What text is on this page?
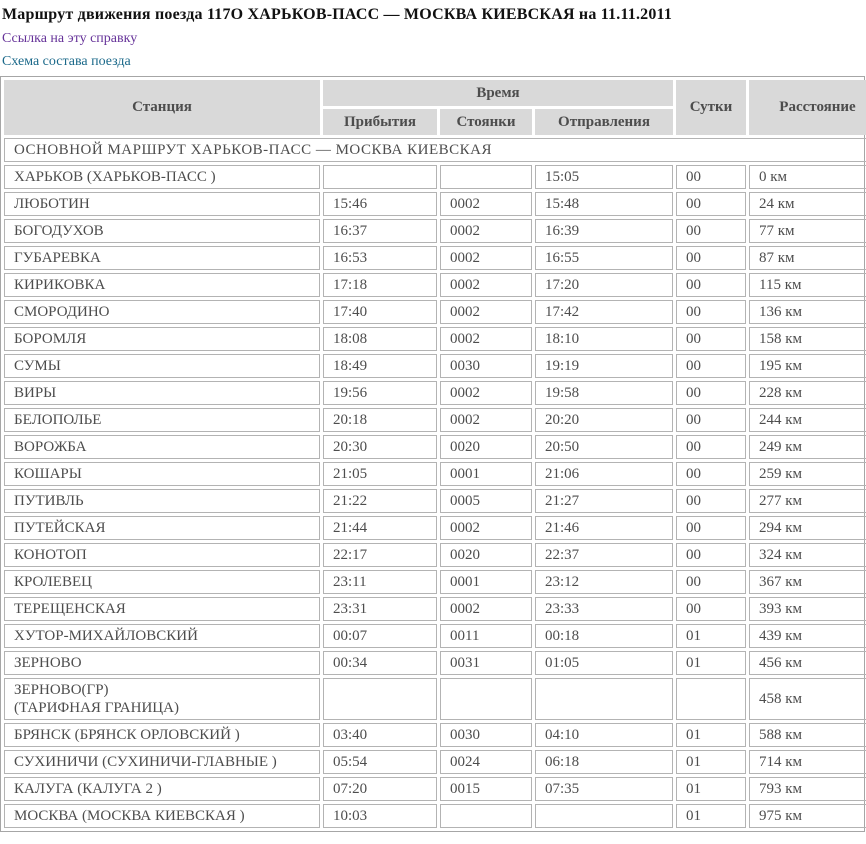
Маршрут движения поезда 117О ХАРЬКОВ-ПАСС — МОСКВА КИЕВСКАЯ на 11.11.2011
Ссылка на эту справку
Схема состава поезда
Станция	Время			Сутки	Расстояние
	Прибытия	Стоянки	Отправления		
ОСНОВНОЙ МАРШРУТ ХАРЬКОВ-ПАСС — МОСКВА КИЕВСКАЯ					
ХАРЬКОВ (ХАРЬКОВ-ПАСС )			15:05	00	0 км
ЛЮБОТИН	15:46	0002	15:48	00	24 км
БОГОДУХОВ	16:37	0002	16:39	00	77 км
ГУБАРЕВКА	16:53	0002	16:55	00	87 км
КИРИКОВКА	17:18	0002	17:20	00	115 км
СМОРОДИНО	17:40	0002	17:42	00	136 км
БОРОМЛЯ	18:08	0002	18:10	00	158 км
СУМЫ	18:49	0030	19:19	00	195 км
ВИРЫ	19:56	0002	19:58	00	228 км
БЕЛОПОЛЬЕ	20:18	0002	20:20	00	244 км
ВОРОЖБА	20:30	0020	20:50	00	249 км
КОШАРЫ	21:05	0001	21:06	00	259 км
ПУТИВЛЬ	21:22	0005	21:27	00	277 км
ПУТЕЙСКАЯ	21:44	0002	21:46	00	294 км
КОНОТОП	22:17	0020	22:37	00	324 км
КРОЛЕВЕЦ	23:11	0001	23:12	00	367 км
ТЕРЕЩЕНСКАЯ	23:31	0002	23:33	00	393 км
ХУТОР-МИХАЙЛОВСКИЙ	00:07	0011	00:18	01	439 км
ЗЕРНОВО	00:34	0031	01:05	01	456 км
ЗЕРНОВО(ГР)
(ТАРИФНАЯ ГРАНИЦА)					458 км
БРЯНСК (БРЯНСК ОРЛОВСКИЙ )	03:40	0030	04:10	01	588 км
СУХИНИЧИ (СУХИНИЧИ-ГЛАВНЫЕ )	05:54	0024	06:18	01	714 км
КАЛУГА (КАЛУГА 2 )	07:20	0015	07:35	01	793 км
МОСКВА (МОСКВА КИЕВСКАЯ )	10:03			01	975 км
